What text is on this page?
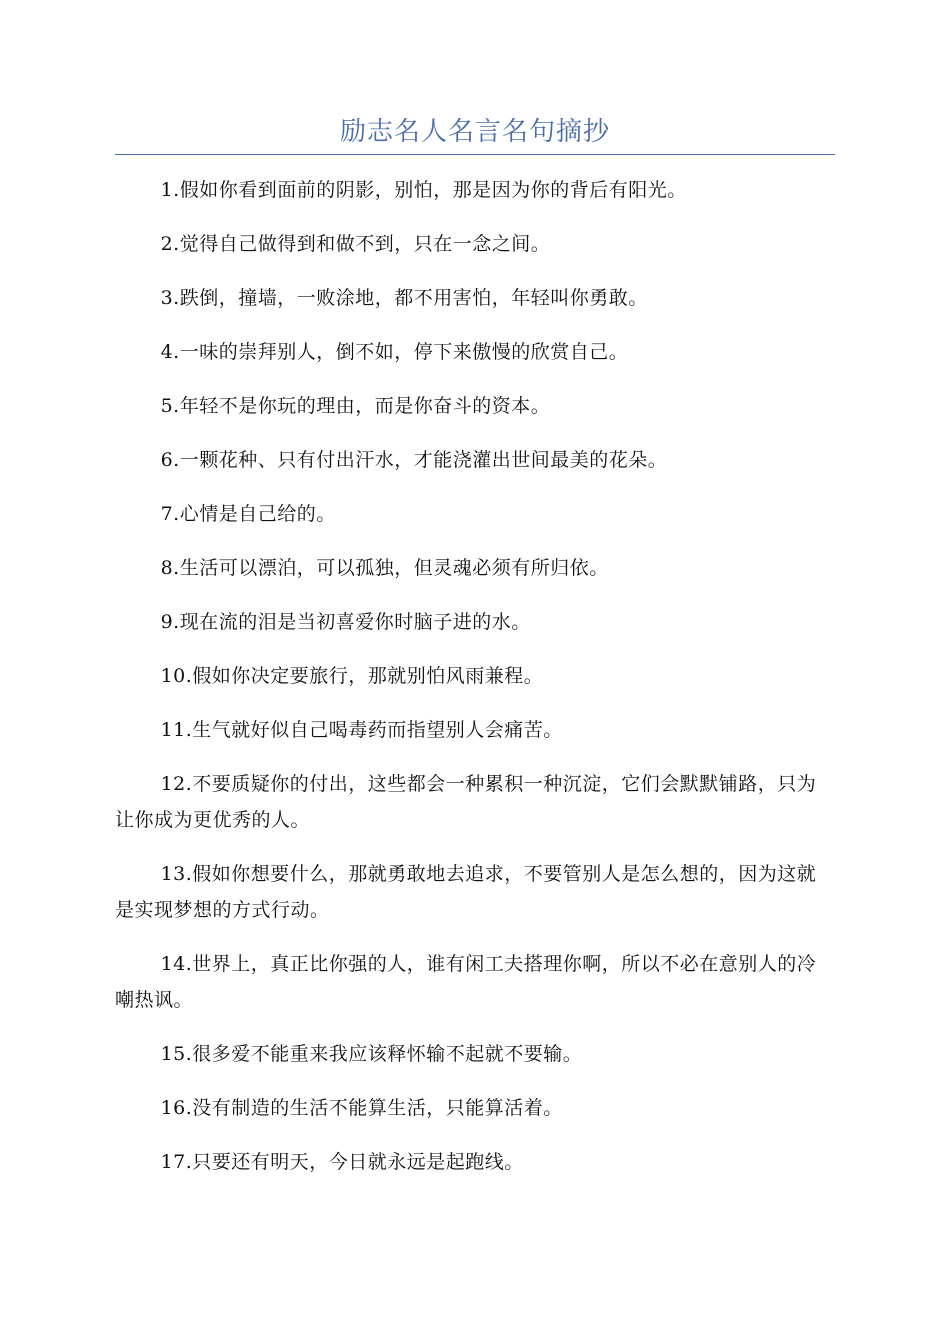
励志名人名言名句摘抄

1.假如你看到面前的阴影，别怕，那是因为你的背后有阳光。

2.觉得自己做得到和做不到，只在一念之间。

3.跌倒，撞墙，一败涂地，都不用害怕，年轻叫你勇敢。

4.一味的崇拜别人，倒不如，停下来傲慢的欣赏自己。

5.年轻不是你玩的理由，而是你奋斗的资本。

6.一颗花种、只有付出汗水，才能浇灌出世间最美的花朵。

7.心情是自己给的。

8.生活可以漂泊，可以孤独，但灵魂必须有所归依。

9.现在流的泪是当初喜爱你时脑子进的水。

10.假如你决定要旅行，那就别怕风雨兼程。

11.生气就好似自己喝毒药而指望别人会痛苦。

12.不要质疑你的付出，这些都会一种累积一种沉淀，它们会默默铺路，只为让你成为更优秀的人。

13.假如你想要什么，那就勇敢地去追求，不要管别人是怎么想的，因为这就是实现梦想的方式行动。

14.世界上，真正比你强的人，谁有闲工夫搭理你啊，所以不必在意别人的冷嘲热讽。

15.很多爱不能重来我应该释怀输不起就不要输。

16.没有制造的生活不能算生活，只能算活着。

17.只要还有明天，今日就永远是起跑线。
